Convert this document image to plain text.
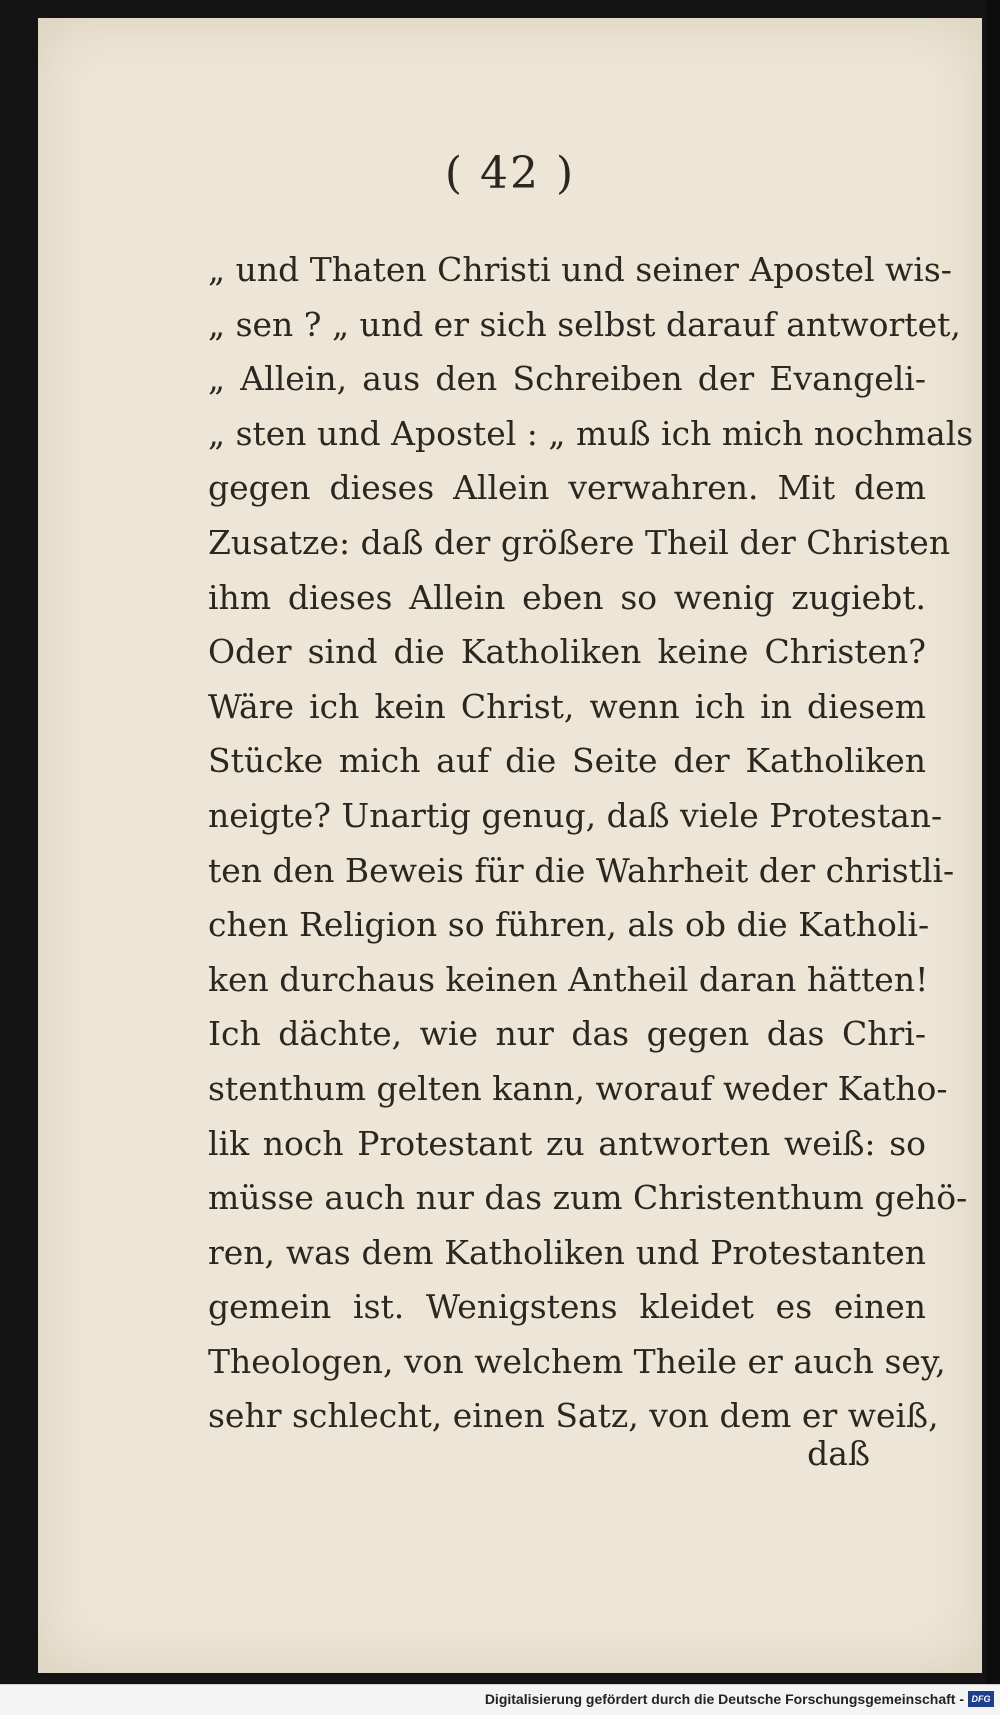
( 42 )
„ und Thaten Christi und seiner Apostel wis-
„ sen ? „ und er sich selbst darauf antwortet,
„ Allein, aus den Schreiben der Evangeli-
„ sten und Apostel : „ muß ich mich nochmals
gegen dieses Allein verwahren. Mit dem
Zusatze: daß der größere Theil der Christen
ihm dieses Allein eben so wenig zugiebt.
Oder sind die Katholiken keine Christen?
Wäre ich kein Christ, wenn ich in diesem
Stücke mich auf die Seite der Katholiken
neigte? Unartig genug, daß viele Protestan-
ten den Beweis für die Wahrheit der christli-
chen Religion so führen, als ob die Katholi-
ken durchaus keinen Antheil daran hätten!
Ich dächte, wie nur das gegen das Chri-
stenthum gelten kann, worauf weder Katho-
lik noch Protestant zu antworten weiß: so
müsse auch nur das zum Christenthum gehö-
ren, was dem Katholiken und Protestanten
gemein ist. Wenigstens kleidet es einen
Theologen, von welchem Theile er auch sey,
sehr schlecht, einen Satz, von dem er weiß,
daß
Digitalisierung gefördert durch die Deutsche Forschungsgemeinschaft - DFG
